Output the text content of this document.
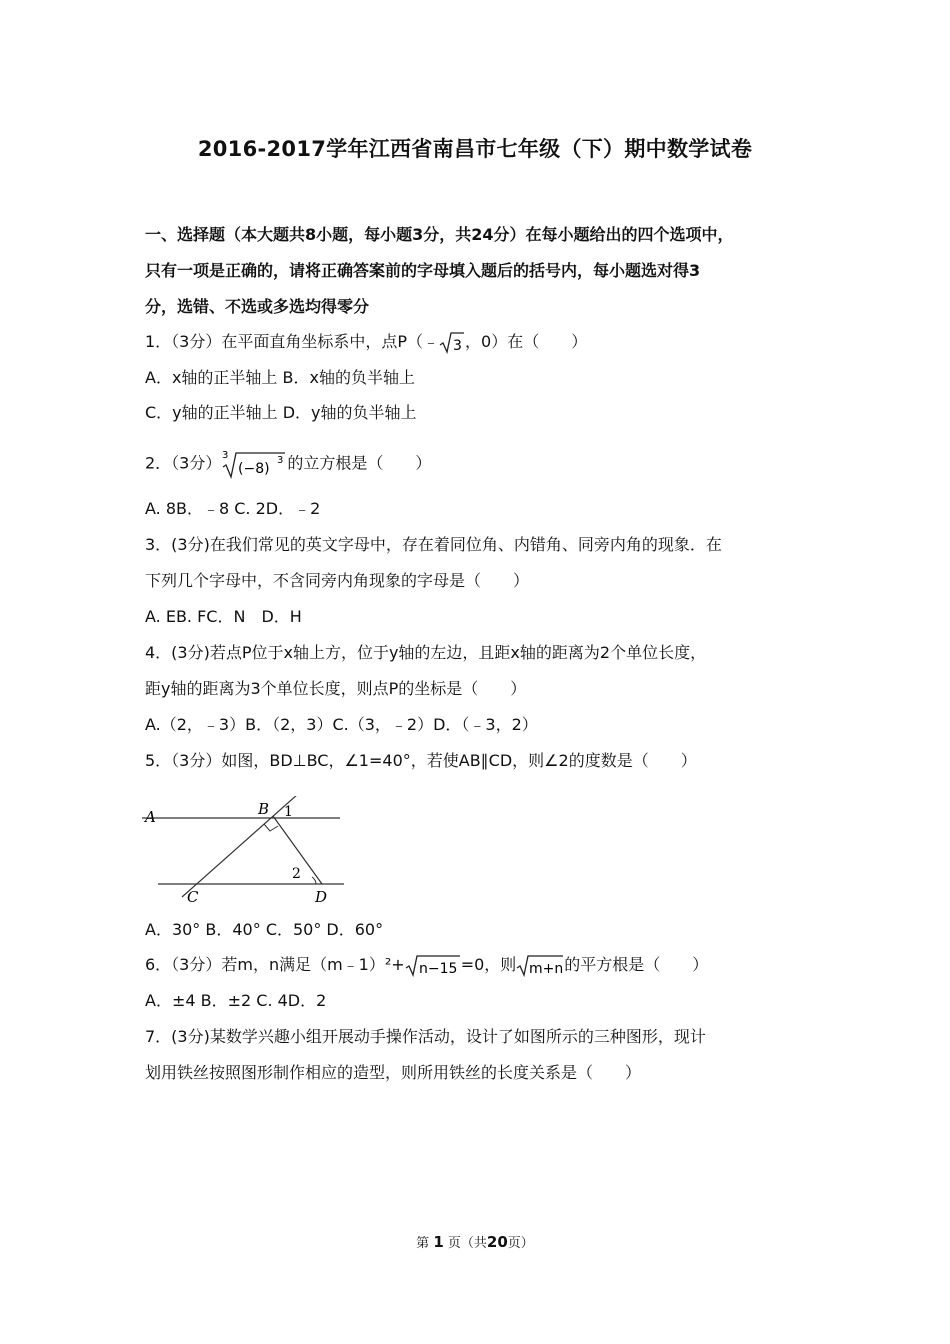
2016-2017学年江西省南昌市七年级（下）期中数学试卷
一、选择题（本大题共8小题，每小题3分，共24分）在每小题给出的四个选项中，
只有一项是正确的，请将正确答案前的字母填入题后的括号内，每小题选对得3
分，选错、不选或多选均得零分
1．（3分）在平面直角坐标系中，点P（﹣ 3 ，0）在（　　）
A．x轴的正半轴上 B．x轴的负半轴上
C．y轴的正半轴上 D．y轴的负半轴上
2．（3分） 3
(−8)
3 的立方根是（　　）
A. 8B．﹣8 C. 2D．﹣2
3．(3分)在我们常见的英文字母中，存在着同位角、内错角、同旁内角的现象．在
下列几个字母中，不含同旁内角现象的字母是（　　）
A. EB. FC．N　D．H
4．(3分)若点P位于x轴上方，位于y轴的左边，且距x轴的距离为2个单位长度，
距y轴的距离为3个单位长度，则点P的坐标是（　　）
A.（2，﹣3）B．（2，3）C.（3，﹣2）D．（﹣3，2）
5．（3分）如图，BD⊥BC，∠1=40°，若使AB∥CD，则∠2的度数是（　　）
A	B 1
C	D
2
A．30° B．40° C．50° D．60°
6．（3分）若m，n满足（m﹣1）²+ n−15 =0，则 m+n 的平方根是（　　）
A．±4 B．±2 C. 4D．2
7．(3分)某数学兴趣小组开展动手操作活动，设计了如图所示的三种图形，现计
划用铁丝按照图形制作相应的造型，则所用铁丝的长度关系是（　　）
第 1 页（共20页）
